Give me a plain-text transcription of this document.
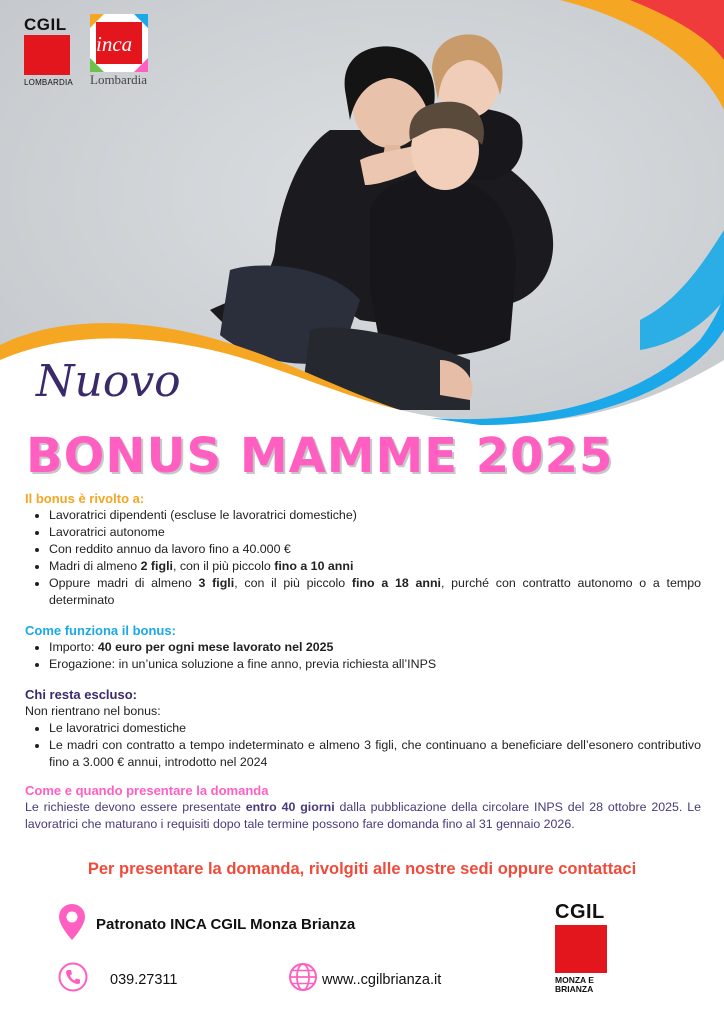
CGIL
LOMBARDIA
inca
Lombardia
Nuovo
BONUS MAMME 2025
Il bonus è rivolto a:
• Lavoratrici dipendenti (escluse le lavoratrici domestiche)
• Lavoratrici autonome
• Con reddito annuo da lavoro fino a 40.000 €
• Madri di almeno 2 figli, con il più piccolo fino a 10 anni
• Oppure madri di almeno 3 figli, con il più piccolo fino a 18 anni, purché con contratto autonomo o a tempo determinato
Come funziona il bonus:
• Importo: 40 euro per ogni mese lavorato nel 2025
• Erogazione: in un’unica soluzione a fine anno, previa richiesta all’INPS
Chi resta escluso:

Non rientrano nel bonus:

• Le lavoratrici domestiche
• Le madri con contratto a tempo indeterminato e almeno 3 figli, che continuano a beneficiare dell’esonero contributivo fino a 3.000 € annui, introdotto nel 2024
Come e quando presentare la domanda

Le richieste devono essere presentate entro 40 giorni dalla pubblicazione della circolare INPS del 28 ottobre 2025. Le lavoratrici che maturano i requisiti dopo tale termine possono fare domanda fino al 31 gennaio 2026.

Per presentare la domanda, rivolgiti alle nostre sedi oppure contattaci
Patronato INCA CGIL Monza Brianza
039.27311	www..cgilbrianza.it
CGIL
MONZA E
BRIANZA
